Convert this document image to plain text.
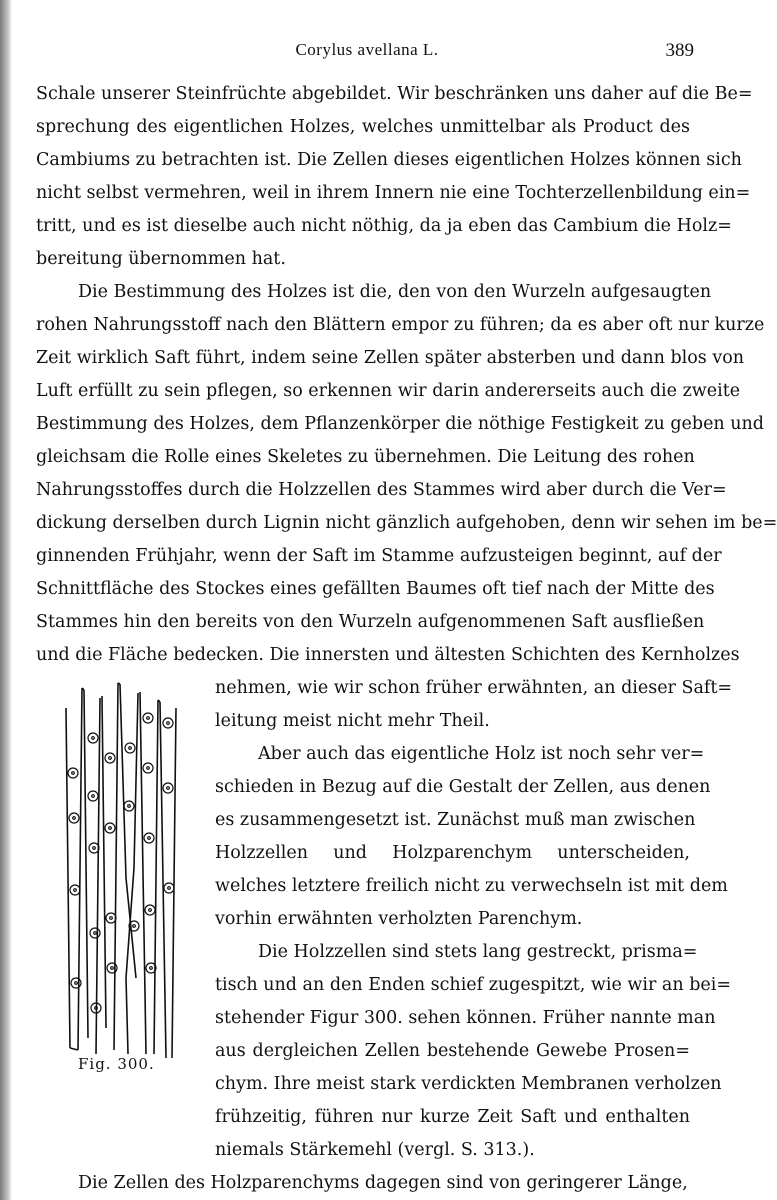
Corylus avellana L.	389
Schale unserer Steinfrüchte abgebildet. Wir beschränken uns daher auf die Be=
sprechung des eigentlichen Holzes, welches unmittelbar als Product des
Cambiums zu betrachten ist. Die Zellen dieses eigentlichen Holzes können sich
nicht selbst vermehren, weil in ihrem Innern nie eine Tochterzellenbildung ein=
tritt, und es ist dieselbe auch nicht nöthig, da ja eben das Cambium die Holz=
bereitung übernommen hat.
Die Bestimmung des Holzes ist die, den von den Wurzeln aufgesaugten
rohen Nahrungsstoff nach den Blättern empor zu führen; da es aber oft nur kurze
Zeit wirklich Saft führt, indem seine Zellen später absterben und dann blos von
Luft erfüllt zu sein pflegen, so erkennen wir darin andererseits auch die zweite
Bestimmung des Holzes, dem Pflanzenkörper die nöthige Festigkeit zu geben und
gleichsam die Rolle eines Skeletes zu übernehmen. Die Leitung des rohen
Nahrungsstoffes durch die Holzzellen des Stammes wird aber durch die Ver=
dickung derselben durch Lignin nicht gänzlich aufgehoben, denn wir sehen im be=
ginnenden Frühjahr, wenn der Saft im Stamme aufzusteigen beginnt, auf der
Schnittfläche des Stockes eines gefällten Baumes oft tief nach der Mitte des
Stammes hin den bereits von den Wurzeln aufgenommenen Saft ausfließen
und die Fläche bedecken. Die innersten und ältesten Schichten des Kernholzes
nehmen, wie wir schon früher erwähnten, an dieser Saft=
leitung meist nicht mehr Theil.
Aber auch das eigentliche Holz ist noch sehr ver=
schieden in Bezug auf die Gestalt der Zellen, aus denen
es zusammengesetzt ist. Zunächst muß man zwischen
Holzzellen und Holzparenchym unterscheiden,
welches letztere freilich nicht zu verwechseln ist mit dem
vorhin erwähnten verholzten Parenchym.
Die Holzzellen sind stets lang gestreckt, prisma=
tisch und an den Enden schief zugespitzt, wie wir an bei=
stehender Figur 300. sehen können. Früher nannte man
aus dergleichen Zellen bestehende Gewebe Prosen=
chym. Ihre meist stark verdickten Membranen verholzen
frühzeitig, führen nur kurze Zeit Saft und enthalten
niemals Stärkemehl (vergl. S. 313.).
Die Zellen des Holzparenchyms dagegen sind von geringerer Länge,
Fig. 300.
